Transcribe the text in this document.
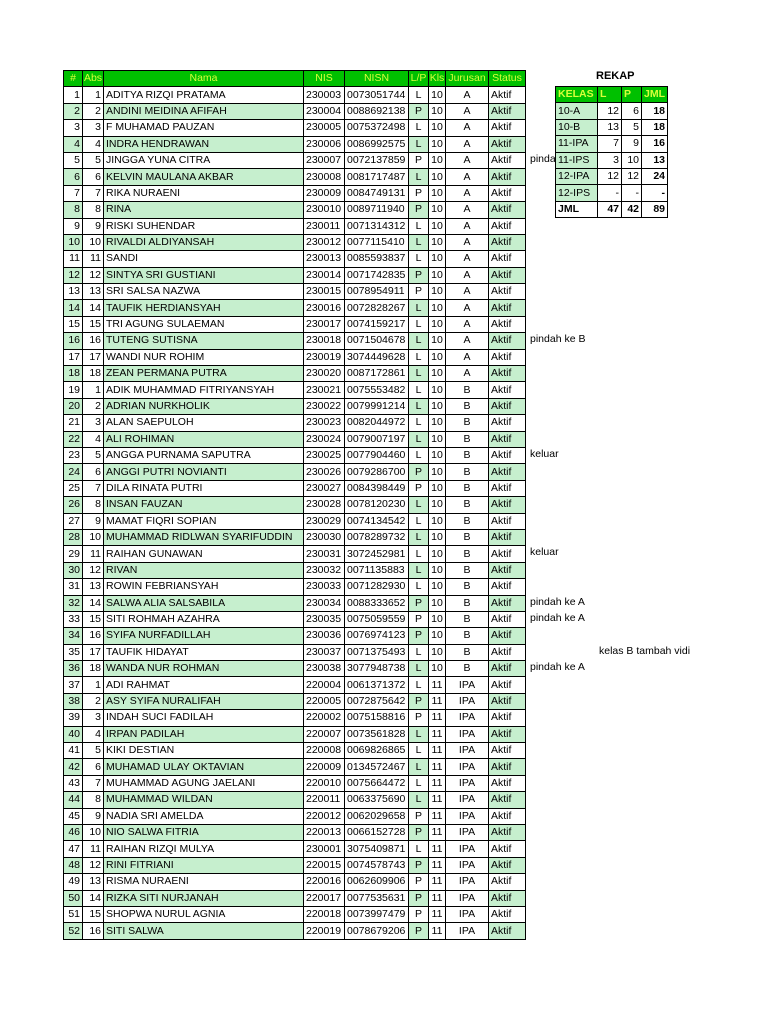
#	Abs	Nama	NIS	NISN	L/P	Kls	Jurusan	Status
1	1	ADITYA RIZQI PRATAMA	230003	0073051744	L	10	A	Aktif
2	2	ANDINI MEIDINA AFIFAH	230004	0088692138	P	10	A	Aktif
3	3	F MUHAMAD PAUZAN	230005	0075372498	L	10	A	Aktif
4	4	INDRA HENDRAWAN	230006	0086992575	L	10	A	Aktif
5	5	JINGGA YUNA CITRA	230007	0072137859	P	10	A	Aktif
6	6	KELVIN MAULANA AKBAR	230008	0081717487	L	10	A	Aktif
7	7	RIKA NURAENI	230009	0084749131	P	10	A	Aktif
8	8	RINA	230010	0089711940	P	10	A	Aktif
9	9	RISKI SUHENDAR	230011	0071314312	L	10	A	Aktif
10	10	RIVALDI ALDIYANSAH	230012	0077115410	L	10	A	Aktif
11	11	SANDI	230013	0085593837	L	10	A	Aktif
12	12	SINTYA SRI GUSTIANI	230014	0071742835	P	10	A	Aktif
13	13	SRI SALSA NAZWA	230015	0078954911	P	10	A	Aktif
14	14	TAUFIK HERDIANSYAH	230016	0072828267	L	10	A	Aktif
15	15	TRI AGUNG SULAEMAN	230017	0074159217	L	10	A	Aktif
16	16	TUTENG SUTISNA	230018	0071504678	L	10	A	Aktif
17	17	WANDI NUR ROHIM	230019	3074449628	L	10	A	Aktif
18	18	ZEAN PERMANA PUTRA	230020	0087172861	L	10	A	Aktif
19	1	ADIK MUHAMMAD FITRIYANSYAH	230021	0075553482	L	10	B	Aktif
20	2	ADRIAN NURKHOLIK	230022	0079991214	L	10	B	Aktif
21	3	ALAN SAEPULOH	230023	0082044972	L	10	B	Aktif
22	4	ALI ROHIMAN	230024	0079007197	L	10	B	Aktif
23	5	ANGGA PURNAMA SAPUTRA	230025	0077904460	L	10	B	Aktif
24	6	ANGGI PUTRI NOVIANTI	230026	0079286700	P	10	B	Aktif
25	7	DILA RINATA PUTRI	230027	0084398449	P	10	B	Aktif
26	8	INSAN FAUZAN	230028	0078120230	L	10	B	Aktif
27	9	MAMAT FIQRI SOPIAN	230029	0074134542	L	10	B	Aktif
28	10	MUHAMMAD RIDLWAN SYARIFUDDIN	230030	0078289732	L	10	B	Aktif
29	11	RAIHAN GUNAWAN	230031	3072452981	L	10	B	Aktif
30	12	RIVAN	230032	0071135883	L	10	B	Aktif
31	13	ROWIN FEBRIANSYAH	230033	0071282930	L	10	B	Aktif
32	14	SALWA ALIA SALSABILA	230034	0088333652	P	10	B	Aktif
33	15	SITI ROHMAH AZAHRA	230035	0075059559	P	10	B	Aktif
34	16	SYIFA NURFADILLAH	230036	0076974123	P	10	B	Aktif
35	17	TAUFIK HIDAYAT	230037	0071375493	L	10	B	Aktif
36	18	WANDA NUR ROHMAN	230038	3077948738	L	10	B	Aktif
37	1	ADI RAHMAT	220004	0061371372	L	11	IPA	Aktif
38	2	ASY SYIFA NURALIFAH	220005	0072875642	P	11	IPA	Aktif
39	3	INDAH SUCI FADILAH	220002	0075158816	P	11	IPA	Aktif
40	4	IRPAN PADILAH	220007	0073561828	L	11	IPA	Aktif
41	5	KIKI DESTIAN	220008	0069826865	L	11	IPA	Aktif
42	6	MUHAMAD ULAY OKTAVIAN	220009	0134572467	L	11	IPA	Aktif
43	7	MUHAMMAD AGUNG JAELANI	220010	0075664472	L	11	IPA	Aktif
44	8	MUHAMMAD WILDAN	220011	0063375690	L	11	IPA	Aktif
45	9	NADIA SRI AMELDA	220012	0062029658	P	11	IPA	Aktif
46	10	NIO SALWA FITRIA	220013	0066152728	P	11	IPA	Aktif
47	11	RAIHAN RIZQI MULYA	230001	3075409871	L	11	IPA	Aktif
48	12	RINI FITRIANI	220015	0074578743	P	11	IPA	Aktif
49	13	RISMA NURAENI	220016	0062609906	P	11	IPA	Aktif
50	14	RIZKA SITI NURJANAH	220017	0077535631	P	11	IPA	Aktif
51	15	SHOPWA NURUL AGNIA	220018	0073997479	P	11	IPA	Aktif
52	16	SITI SALWA	220019	0078679206	P	11	IPA	Aktif
pinda
pindah ke B
keluar
keluar
pindah ke A
pindah ke A
kelas B tambah vidi
pindah ke A
REKAP
KELAS	L	P	JML
10-A	12	6	18
10-B	13	5	18
11-IPA	7	9	16
11-IPS	3	10	13
12-IPA	12	12	24
12-IPS	-	-	-
JML	47	42	89
